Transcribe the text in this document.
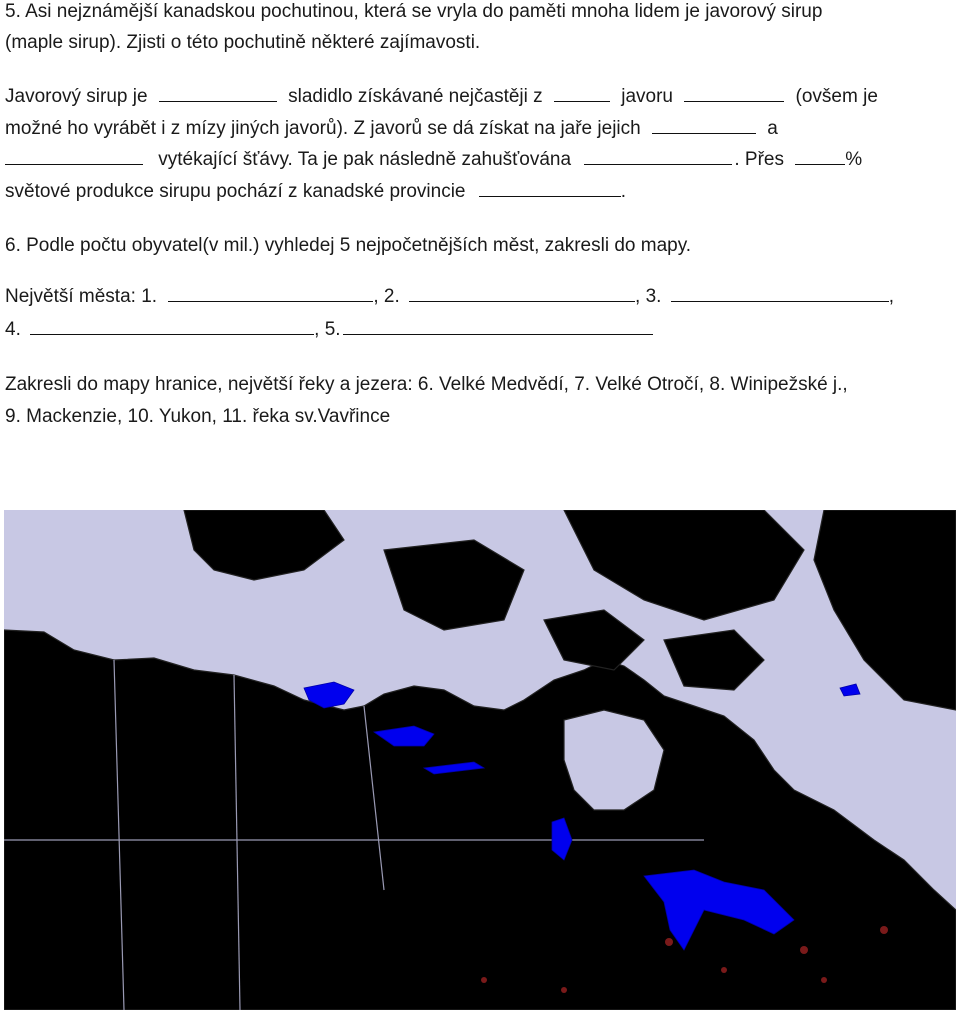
5. Asi nejznámější kanadskou pochutinou, která se vryla do paměti mnoha lidem je javorový sirup
(maple sirup). Zjisti o této pochutině některé zajímavosti.
Javorový sirup je	sladidlo získávané nejčastěji z	javoru	(ovšem je
možné ho vyrábět i z mízy jiných javorů). Z javorů se dá získat na jaře jejich	a
vytékající šťávy. Ta je pak následně zahušťována	. Přes	%
světové produkce sirupu pochází z kanadské provincie	.
6. Podle počtu obyvatel(v mil.) vyhledej 5 nejpočetnějších měst, zakresli do mapy.
Největší města: 1.	, 2.	, 3.	,
4.	, 5.
Zakresli do mapy hranice, největší řeky a jezera: 6. Velké Medvědí, 7. Velké Otročí, 8. Winipežské j.,
9. Mackenzie, 10. Yukon, 11. řeka sv.Vavřince
